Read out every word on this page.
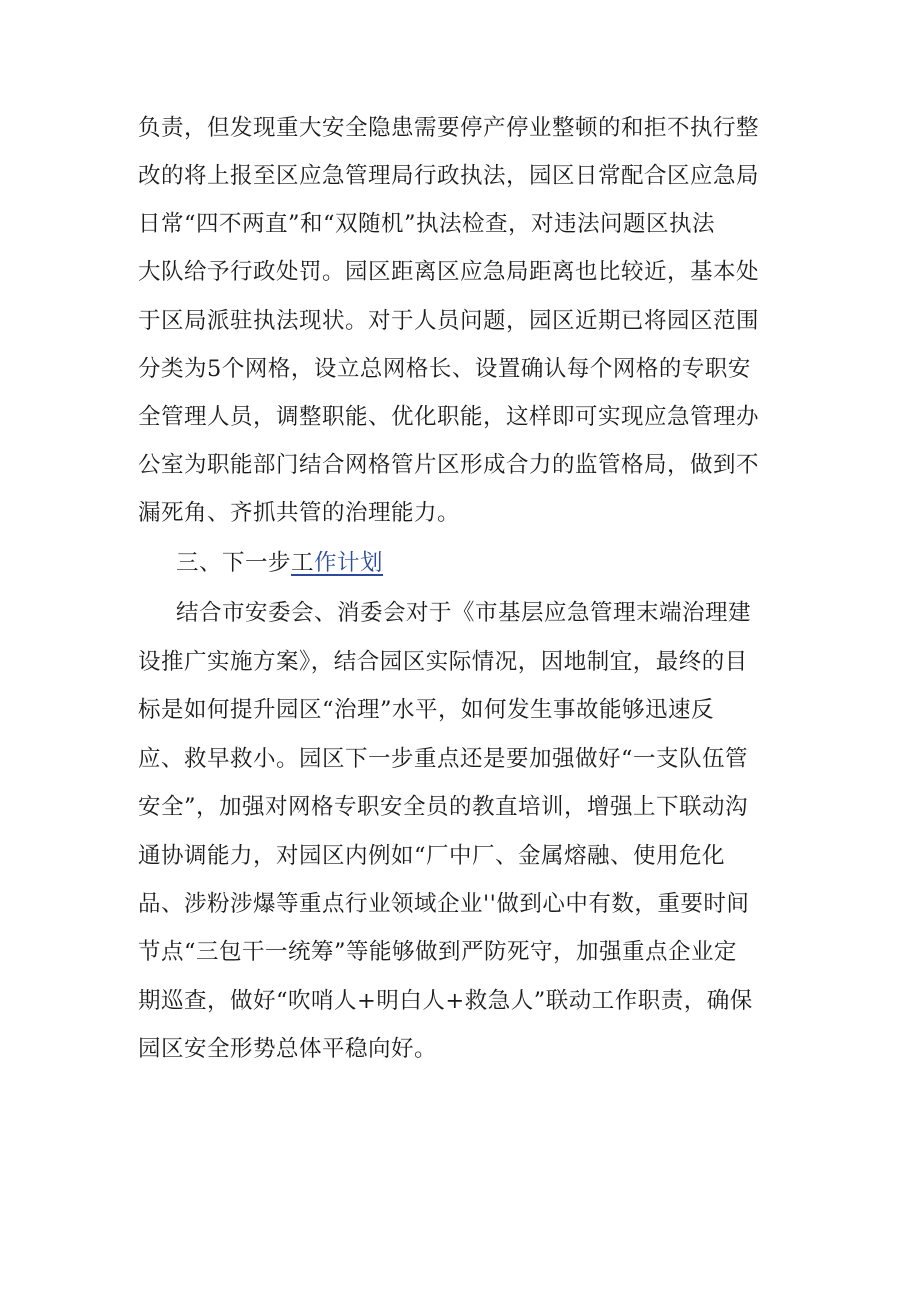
负责，但发现重大安全隐患需要停产停业整顿的和拒不执行整
改的将上报至区应急管理局行政执法，园区日常配合区应急局
日常“四不两直”和“双随机”执法检查，对违法问题区执法
大队给予行政处罚。园区距离区应急局距离也比较近，基本处
于区局派驻执法现状。对于人员问题，园区近期已将园区范围
分类为5个网格，设立总网格长、设置确认每个网格的专职安
全管理人员，调整职能、优化职能，这样即可实现应急管理办
公室为职能部门结合网格管片区形成合力的监管格局，做到不
漏死角、齐抓共管的治理能力。
三、下一步工作计划
结合市安委会、消委会对于《市基层应急管理末端治理建
设推广实施方案》，结合园区实际情况，因地制宜，最终的目
标是如何提升园区“治理”水平，如何发生事故能够迅速反
应、救早救小。园区下一步重点还是要加强做好“一支队伍管
安全”，加强对网格专职安全员的教直培训，增强上下联动沟
通协调能力，对园区内例如“厂中厂、金属熔融、使用危化
品、涉粉涉爆等重点行业领域企业''做到心中有数，重要时间
节点“三包干一统筹”等能够做到严防死守，加强重点企业定
期巡查，做好“吹哨人+明白人+救急人”联动工作职责，确保
园区安全形势总体平稳向好。
